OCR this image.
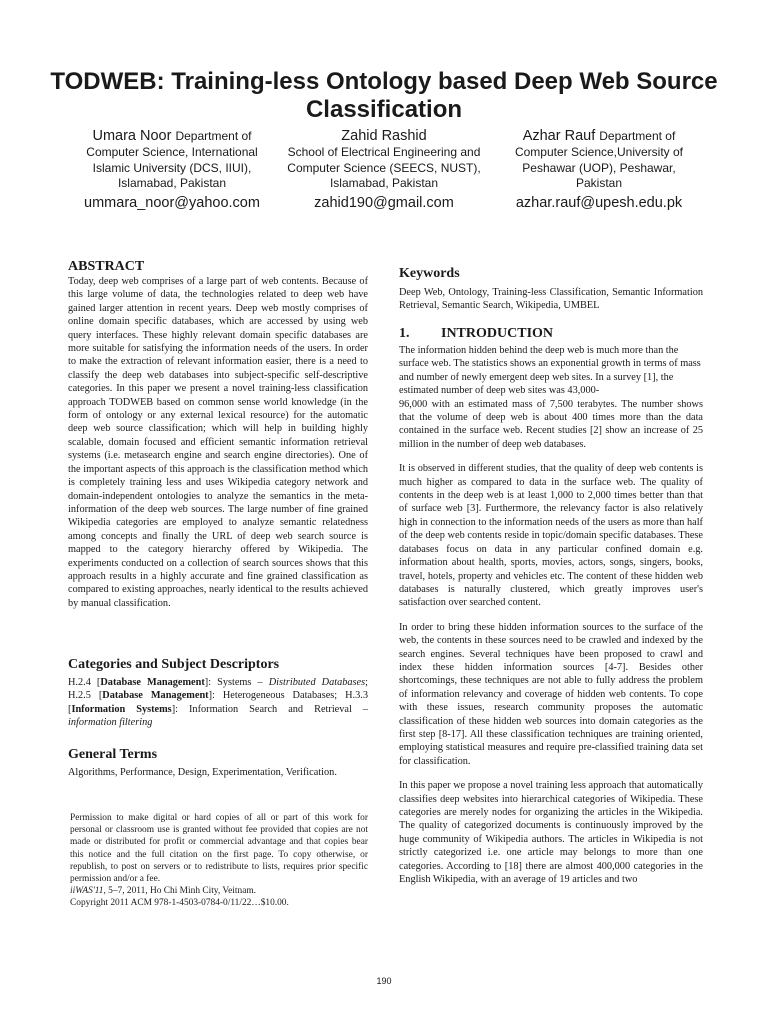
TODWEB: Training-less Ontology based Deep Web Source Classification
Umara Noor Department of
Computer Science, International
Islamic University (DCS, IIUI),
Islamabad, Pakistan
ummara_noor@yahoo.com
Zahid Rashid
School of Electrical Engineering and
Computer Science (SEECS, NUST),
Islamabad, Pakistan
zahid190@gmail.com
Azhar Rauf Department of
Computer Science,University of
Peshawar (UOP), Peshawar,
Pakistan
azhar.rauf@upesh.edu.pk
ABSTRACT

Today, deep web comprises of a large part of web contents. Because of this large volume of data, the technologies related to deep web have gained larger attention in recent years. Deep web mostly comprises of online domain specific databases, which are accessed by using web query interfaces. These highly relevant domain specific databases are more suitable for satisfying the information needs of the users. In order to make the extraction of relevant information easier, there is a need to classify the deep web databases into subject-specific self-descriptive categories. In this paper we present a novel training-less classification approach TODWEB based on common sense world knowledge (in the form of ontology or any external lexical resource) for the automatic deep web source classification; which will help in building highly scalable, domain focused and efficient semantic information retrieval systems (i.e. metasearch engine and search engine directories). One of the important aspects of this approach is the classification method which is completely training less and uses Wikipedia category network and domain-independent ontologies to analyze the semantics in the meta-information of the deep web sources. The large number of fine grained Wikipedia categories are employed to analyze semantic relatedness among concepts and finally the URL of deep web search source is mapped to the category hierarchy offered by Wikipedia. The experiments conducted on a collection of search sources shows that this approach results in a highly accurate and fine grained classification as compared to existing approaches, nearly identical to the results achieved by manual classification.

Categories and Subject Descriptors

H.2.4 [Database Management]: Systems – Distributed Databases; H.2.5 [Database Management]: Heterogeneous Databases; H.3.3 [Information Systems]: Information Search and Retrieval – information filtering

General Terms

Algorithms, Performance, Design, Experimentation, Verification.

Permission to make digital or hard copies of all or part of this work for personal or classroom use is granted without fee provided that copies are not made or distributed for profit or commercial advantage and that copies bear this notice and the full citation on the first page. To copy otherwise, or republish, to post on servers or to redistribute to lists, requires prior specific permission and/or a fee.
iiWAS'11, 5–7, 2011, Ho Chi Minh City, Veitnam.
Copyright 2011 ACM 978-1-4503-0784-0/11/22…$10.00.
Keywords

Deep Web, Ontology, Training-less Classification, Semantic Information Retrieval, Semantic Search, Wikipedia, UMBEL

1.	INTRODUCTION

The information hidden behind the deep web is much more than the surface web. The statistics shows an exponential growth in terms of mass and number of newly emergent deep web sites. In a survey [1], the estimated number of deep web sites was 43,000-

96,000 with an estimated mass of 7,500 terabytes. The number shows that the volume of deep web is about 400 times more than the data contained in the surface web. Recent studies [2] show an increase of 25 million in the number of deep web databases.

It is observed in different studies, that the quality of deep web contents is much higher as compared to data in the surface web. The quality of contents in the deep web is at least 1,000 to 2,000 times better than that of surface web [3]. Furthermore, the relevancy factor is also relatively high in connection to the information needs of the users as more than half of the deep web contents reside in topic/domain specific databases. These databases focus on data in any particular confined domain e.g. information about health, sports, movies, actors, songs, singers, books, travel, hotels, property and vehicles etc. The content of these hidden web databases is naturally clustered, which greatly improves user's satisfaction over searched content.

In order to bring these hidden information sources to the surface of the web, the contents in these sources need to be crawled and indexed by the search engines. Several techniques have been proposed to crawl and index these hidden information sources [4-7]. Besides other shortcomings, these techniques are not able to fully address the problem of information relevancy and coverage of hidden web contents. To cope with these issues, research community proposes the automatic classification of these hidden web sources into domain categories as the first step [8-17]. All these classification techniques are training oriented, employing statistical measures and require pre-classified training data set for classification.

In this paper we propose a novel training less approach that automatically classifies deep websites into hierarchical categories of Wikipedia. These categories are merely nodes for organizing the articles in the Wikipedia. The quality of categorized documents is continuously improved by the huge community of Wikipedia authors. The articles in Wikipedia is not strictly categorized i.e. one article may belongs to more than one categories. According to [18] there are almost 400,000 categories in the English Wikipedia, with an average of 19 articles and two

190
